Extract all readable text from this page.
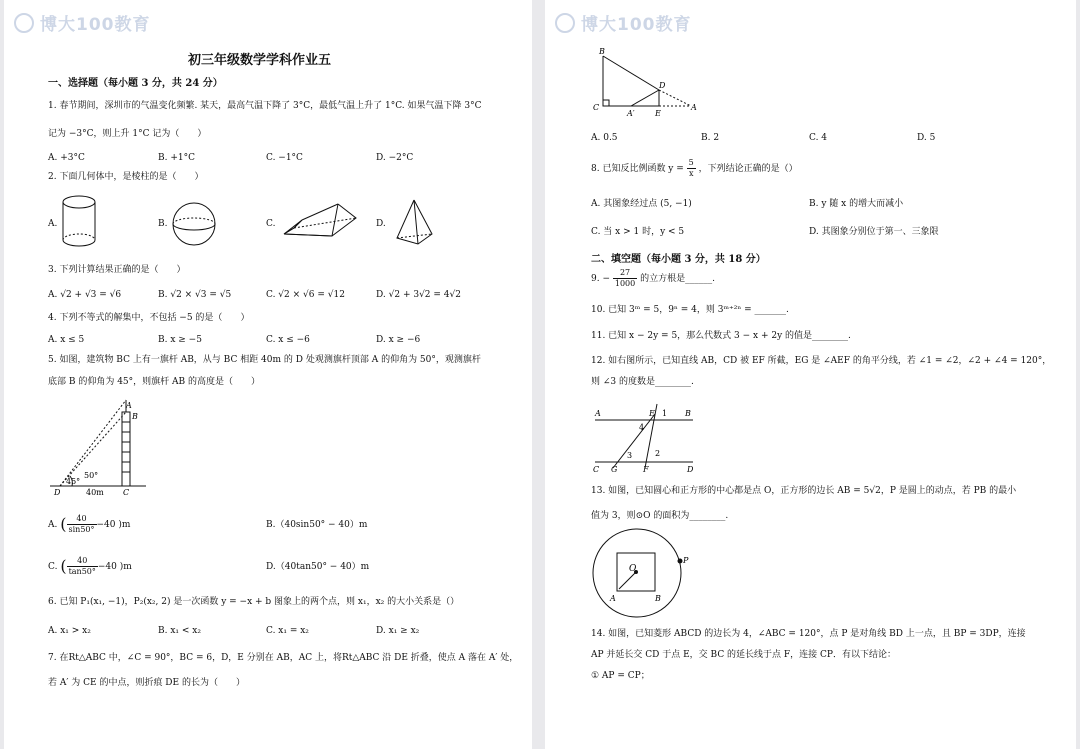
博大100教育
初三年级数学学科作业五
一、选择题（每小题 3 分，共 24 分）
1. 春节期间，深圳市的气温变化频繁. 某天，最高气温下降了 3°C，最低气温上升了 1°C. 如果气温下降 3°C
记为 −3°C，则上升 1°C 记为（　　）
A. +3°C	B. +1°C	C. −1°C	D. −2°C
2. 下面几何体中，是棱柱的是（　　）
A.	B.	C.	D.
3. 下列计算结果正确的是（　　）
A. √2 + √3 = √6	B. √2 × √3 = √5	C. √2 × √6 = √12	D. √2 + 3√2 = 4√2
4. 下列不等式的解集中，不包括 −5 的是（　　）
A. x ≤ 5	B. x ≥ −5	C. x ≤ −6	D. x ≥ −6
5. 如图，建筑物 BC 上有一旗杆 AB，从与 BC 相距 40m 的 D 处观测旗杆顶部 A 的仰角为 50°，观测旗杆
底部 B 的仰角为 45°，则旗杆 AB 的高度是（　　）
D	C
A
B
50°
45°
40m
A. ( $\frac{40}{\sin 50^\circ} -40$ )m	B.（40sin50° − 40）m
C. ( $\frac{40}{\tan 50^\circ} -40$ )m	D.（40tan50° − 40）m
6. 已知 P₁(x₁, −1)，P₂(x₂, 2) 是一次函数 y = −x + b 图象上的两个点，则 x₁，x₂ 的大小关系是（）
A. x₁ > x₂	B. x₁ < x₂	C. x₁ = x₂	D. x₁ ≥ x₂
7. 在Rt△ABC 中，∠C = 90°，BC = 6，D，E 分别在 AB，AC 上，将Rt△ABC 沿 DE 折叠，使点 A 落在 A′ 处，
若 A′ 为 CE 的中点，则折痕 DE 的长为（　　）
博大100教育
B
D
C
A′	E
A
A. 0.5	B. 2	C. 4	D. 5
8. 已知反比例函数 $y = \frac{5}{x}$ ，下列结论正确的是（）
A. 其图象经过点 (5, −1)	B. y 随 x 的增大而减小
C. 当 x > 1 时，y < 5	D. 其图象分别位于第一、三象限
二、填空题（每小题 3 分，共 18 分）
9. − $\frac{27}{1000}$ 的立方根是______.
10. 已知 3ᵐ = 5，9ⁿ = 4，则 3ᵐ⁺²ⁿ = _______.
11. 已知 x − 2y = 5，那么代数式 3 − x + 2y 的值是________.
12. 如右图所示，已知直线 AB，CD 被 EF 所截，EG 是 ∠AEF 的角平分线，若 ∠1 = ∠2，∠2 + ∠4 = 120°，
则 ∠3 的度数是________.
A	E 1 B
4
3	2
C G	F	D
13. 如图，已知圆心和正方形的中心都是点 O，正方形的边长 AB = 5√2，P 是圆上的动点，若 PB 的最小
值为 3，则⊙O 的面积为________.
O
P
A	B
14. 如图，已知菱形 ABCD 的边长为 4，∠ABC = 120°，点 P 是对角线 BD 上一点，且 BP = 3DP，连接
AP 并延长交 CD 于点 E，交 BC 的延长线于点 F，连接 CP．有以下结论：
① AP = CP；
